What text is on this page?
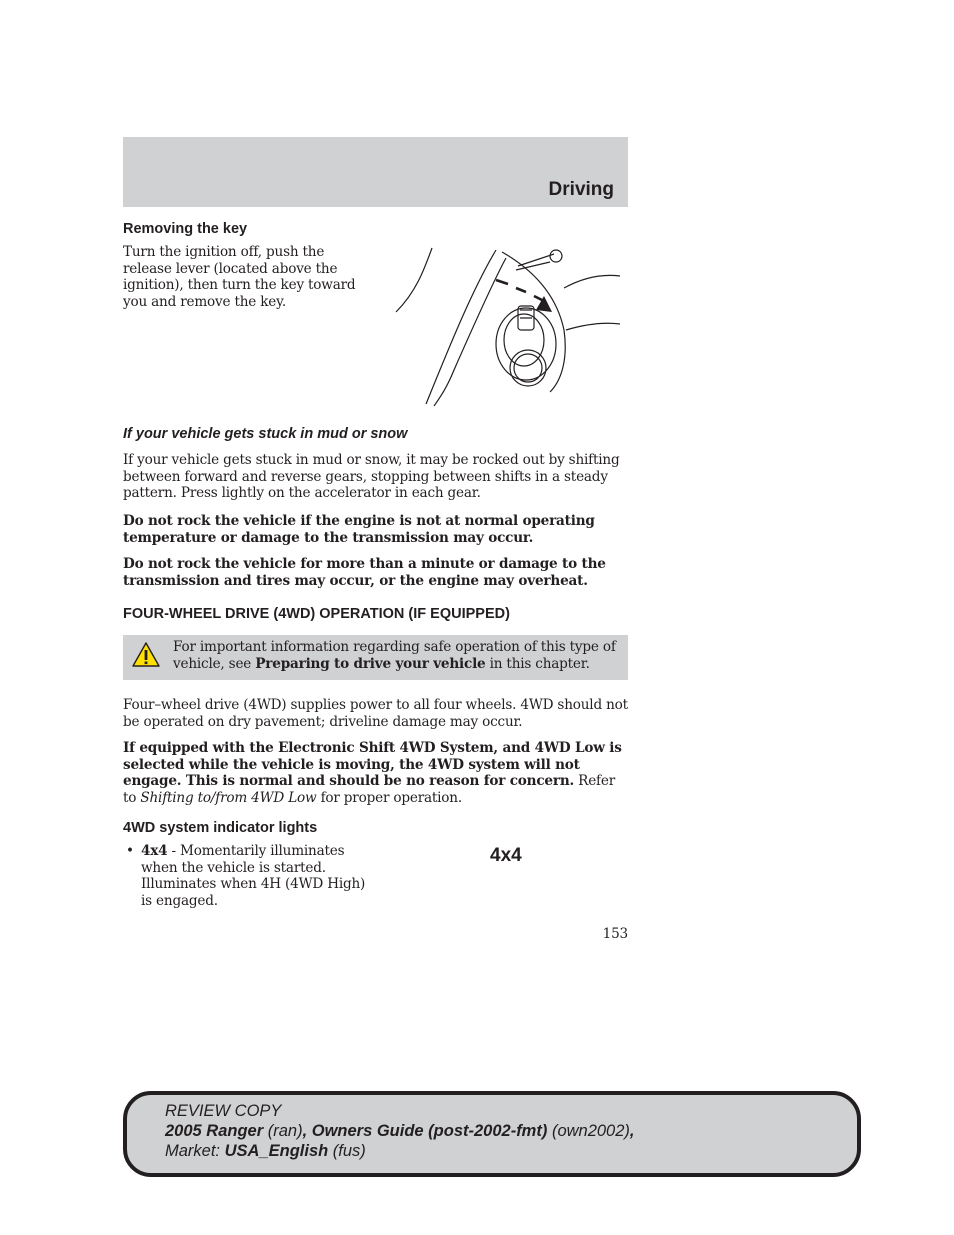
Driving
Removing the key
Turn the ignition off, push the release lever (located above the ignition), then turn the key toward you and remove the key.
If your vehicle gets stuck in mud or snow
If your vehicle gets stuck in mud or snow, it may be rocked out by shifting between forward and reverse gears, stopping between shifts in a steady pattern. Press lightly on the accelerator in each gear.
Do not rock the vehicle if the engine is not at normal operating temperature or damage to the transmission may occur.
Do not rock the vehicle for more than a minute or damage to the transmission and tires may occur, or the engine may overheat.
FOUR-WHEEL DRIVE (4WD) OPERATION (IF EQUIPPED)
For important information regarding safe operation of this type of vehicle, see Preparing to drive your vehicle in this chapter.
Four–wheel drive (4WD) supplies power to all four wheels. 4WD should not be operated on dry pavement; driveline damage may occur.
If equipped with the Electronic Shift 4WD System, and 4WD Low is selected while the vehicle is moving, the 4WD system will not engage. This is normal and should be no reason for concern. Refer to Shifting to/from 4WD Low for proper operation.
4WD system indicator lights
• 4x4 - Momentarily illuminates when the vehicle is started. Illuminates when 4H (4WD High) is engaged.
4x4
153
REVIEW COPY
2005 Ranger (ran), Owners Guide (post-2002-fmt) (own2002),
Market: USA_English (fus)
